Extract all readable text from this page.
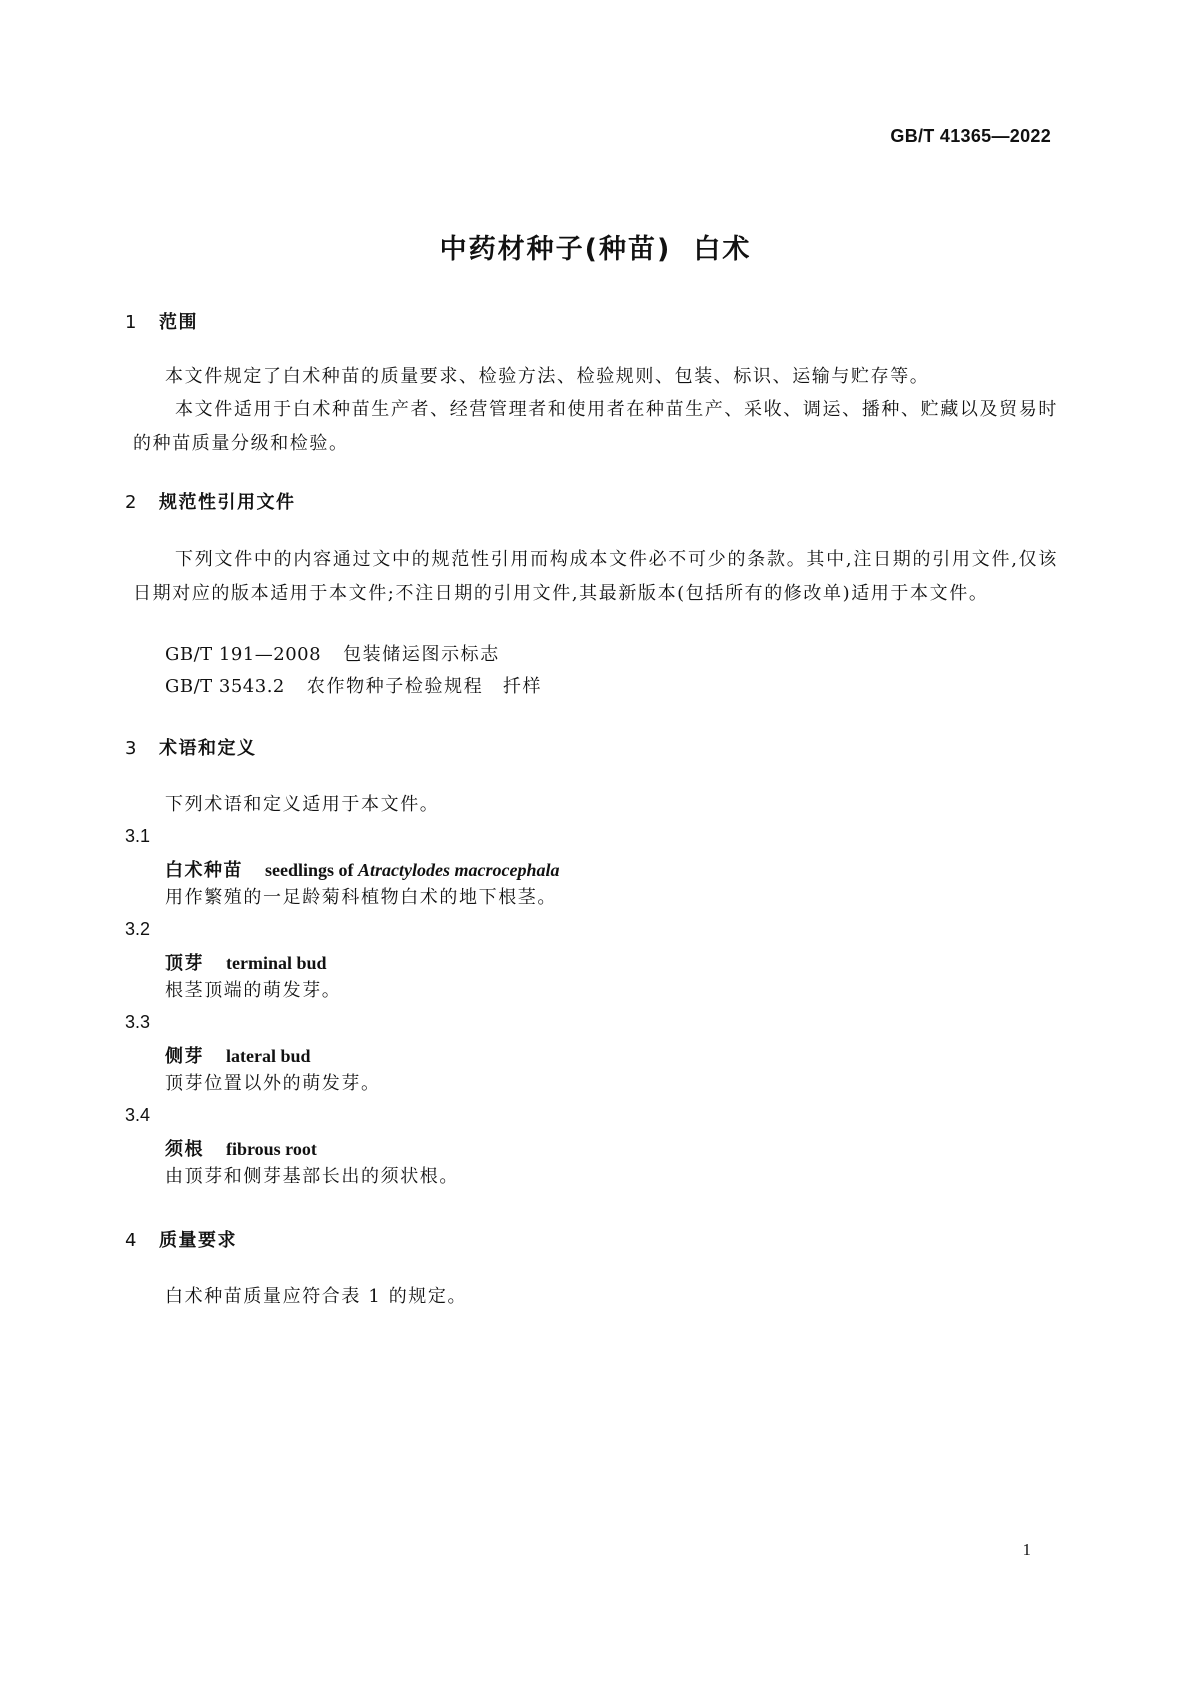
GB/T 41365—2022
中药材种子(种苗) 白术
1 范围
本文件规定了白术种苗的质量要求、检验方法、检验规则、包装、标识、运输与贮存等。
本文件适用于白术种苗生产者、经营管理者和使用者在种苗生产、采收、调运、播种、贮藏以及贸易时的种苗质量分级和检验。
2 规范性引用文件
下列文件中的内容通过文中的规范性引用而构成本文件必不可少的条款。其中,注日期的引用文件,仅该日期对应的版本适用于本文件;不注日期的引用文件,其最新版本(包括所有的修改单)适用于本文件。
GB/T 191—2008 包装储运图示标志
GB/T 3543.2 农作物种子检验规程　扦样
3 术语和定义
下列术语和定义适用于本文件。
3.1
白术种苗 seedlings of Atractylodes macrocephala
用作繁殖的一足龄菊科植物白术的地下根茎。
3.2
顶芽 terminal bud
根茎顶端的萌发芽。
3.3
侧芽 lateral bud
顶芽位置以外的萌发芽。
3.4
须根 fibrous root
由顶芽和侧芽基部长出的须状根。
4 质量要求
白术种苗质量应符合表 1 的规定。
1
